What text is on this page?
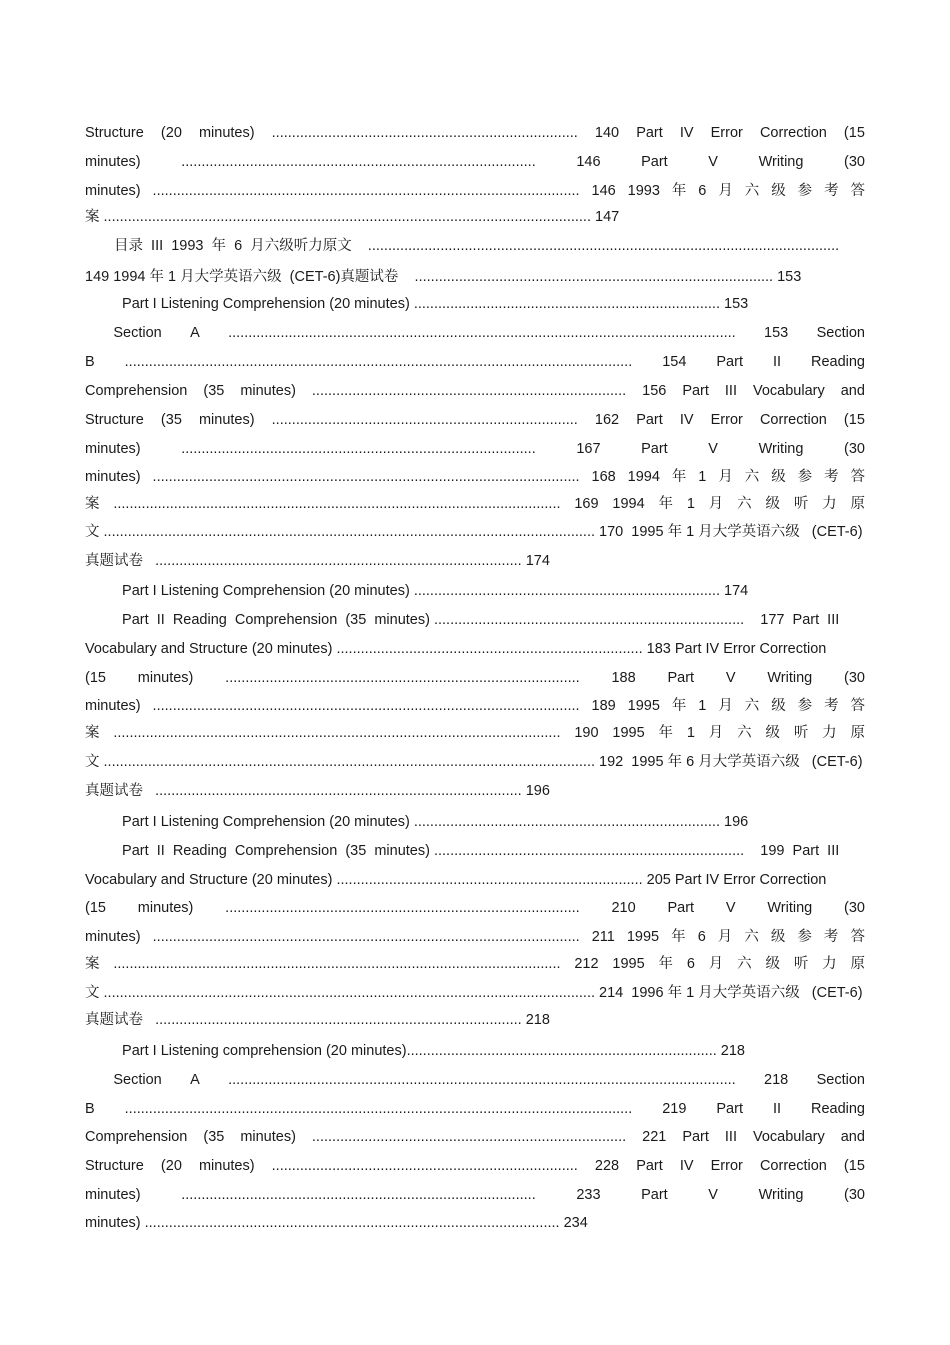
Structure (20 minutes) ............................................................................ 140 Part IV Error Correction (15
minutes)	........................................................................................	146	Part	V	Writing	(30
minutes) .......................................................................................................... 146 1993 年 6 月 六 级 参 考 答
案 ......................................................................................................................... 147
　　目录  III  1993  年  6  月六级听力原文    .....................................................................................................................
149 1994 年 1 月大学英语六级  (CET-6)真题试卷    ......................................................................................... 153
　　  Part I Listening Comprehension (20 minutes) ............................................................................ 153
Section A .............................................................................................................................. 153 Section
B .............................................................................................................................. 154 Part II Reading
Comprehension (35 minutes) .............................................................................. 156 Part III Vocabulary and
Structure (35 minutes) ............................................................................ 162 Part IV Error Correction (15
minutes)	........................................................................................	167	Part	V	Writing	(30
minutes) .......................................................................................................... 168 1994 年 1 月 六 级 参 考 答
案 ............................................................................................................... 169 1994 年 1 月 六 级 听 力 原
文 .......................................................................................................................... 170  1995 年 1 月大学英语六级   (CET-6)
真题试卷   ........................................................................................... 174
　　  Part I Listening Comprehension (20 minutes) ............................................................................ 174
　　  Part  II  Reading  Comprehension  (35  minutes) .............................................................................    177  Part  III
Vocabulary and Structure (20 minutes) ............................................................................ 183 Part IV Error Correction
(15 minutes) ........................................................................................ 188 Part V Writing (30
minutes) .......................................................................................................... 189 1995 年 1 月 六 级 参 考 答
案 ............................................................................................................... 190 1995 年 1 月 六 级 听 力 原
文 .......................................................................................................................... 192  1995 年 6 月大学英语六级   (CET-6)
真题试卷   ........................................................................................... 196
　　  Part I Listening Comprehension (20 minutes) ............................................................................ 196
　　  Part  II  Reading  Comprehension  (35  minutes) .............................................................................    199  Part  III
Vocabulary and Structure (20 minutes) ............................................................................ 205 Part IV Error Correction
(15 minutes) ........................................................................................ 210 Part V Writing (30
minutes) .......................................................................................................... 211 1995 年 6 月 六 级 参 考 答
案 ............................................................................................................... 212 1995 年 6 月 六 级 听 力 原
文 .......................................................................................................................... 214  1996 年 1 月大学英语六级   (CET-6)
真题试卷   ........................................................................................... 218
　　  Part I Listening comprehension (20 minutes)............................................................................. 218
Section A .............................................................................................................................. 218 Section
B .............................................................................................................................. 219 Part II Reading
Comprehension (35 minutes) .............................................................................. 221 Part III Vocabulary and
Structure (20 minutes) ............................................................................ 228 Part IV Error Correction (15
minutes)	........................................................................................	233	Part	V	Writing	(30
minutes) ....................................................................................................... 234
